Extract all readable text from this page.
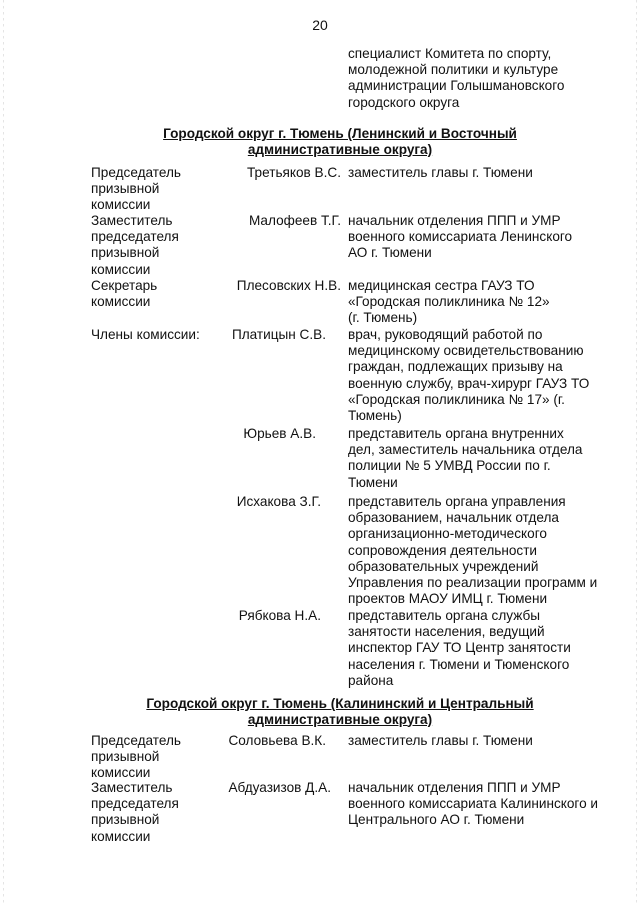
20
специалист Комитета по спорту, молодежной политики и культуре администрации Голышмановского городского округа
Городской округ г. Тюмень (Ленинский и Восточный
административные округа)
Председатель призывной комиссии
Третьяков В.С. заместитель главы г. Тюмени
Заместитель председателя призывной комиссии
Малофеев Т.Г. начальник отделения ППП и УМР военного комиссариата Ленинского АО г. Тюмени
Секретарь комиссии
Плесовских Н.В. медицинская сестра ГАУЗ ТО «Городская поликлиника № 12» (г. Тюмень)
Члены комиссии:	Платицын С.В. врач, руководящий работой по медицинскому освидетельствованию граждан, подлежащих призыву на военную службу, врач-хирург ГАУЗ ТО «Городская поликлиника № 17» (г. Тюмень)
Юрьев А.В. представитель органа внутренних дел, заместитель начальника отдела полиции № 5 УМВД России по г. Тюмени
Исхакова З.Г. представитель органа управления образованием, начальник отдела организационно-методического сопровождения деятельности образовательных учреждений Управления по реализации программ и проектов МАОУ ИМЦ г. Тюмени
Рябкова Н.А. представитель органа службы занятости населения, ведущий инспектор ГАУ ТО Центр занятости населения г. Тюмени и Тюменского района
Городской округ г. Тюмень (Калининский и Центральный
административные округа)
Председатель призывной комиссии
Соловьева В.К. заместитель главы г. Тюмени
Заместитель председателя призывной комиссии
Абдуазизов Д.А. начальник отделения ППП и УМР военного комиссариата Калининского и Центрального АО г. Тюмени
